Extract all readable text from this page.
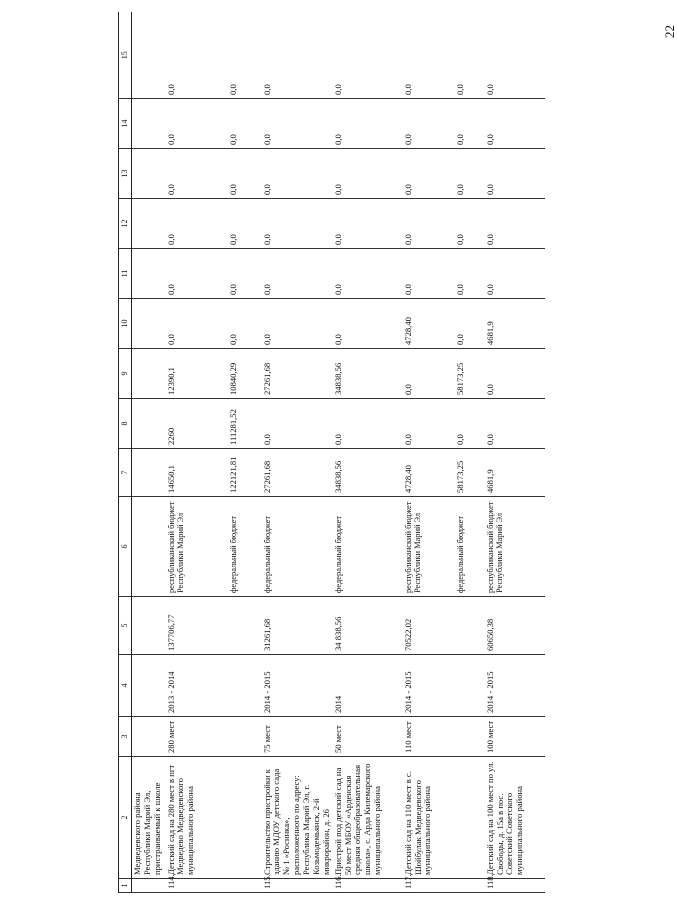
22
1	2	3	4	5	6	7	8	9	10	11	12	13	14	15
	Медведевского района Республики Марий Эл, пристраиваемый к школе													
114.	Детский сад на 280 мест в пгт Медведево Медведевского муниципального района	280 мест	2013 - 2014	137706,77	республиканский бюджет Республики Марий Эл	14650,1	2260	12390,1	0,0	0,0	0,0	0,0	0,0	0,0
					федеральный бюджет	122121,81	111281,52	10840,29	0,0	0,0	0,0	0,0	0,0	0,0
115.	Строительство пристройки к зданию МДОУ детского сада № 1 «Росинка», расположенного по адресу: Республика Марий Эл, г. Козьмодемьянск, 2-й микрорайон, д. 26	75 мест	2014 - 2015	31261,68	федеральный бюджет	27261,68	0,0	27261,68	0,0	0,0	0,0	0,0	0,0	0,0
116.	Пристрой под детский сад на 50 мест МБОУ «Арденская средняя общеобразовательная школа», с. Арда Килемарского муниципального района	50 мест	2014	34 838,56	федеральный бюджет	34838,56	0,0	34838,56	0,0	0,0	0,0	0,0	0,0	0,0
117.	Детский сад на 110 мест в с. Шойбулак Медведевского муниципального района	110 мест	2014 - 2015	70522,02	республиканский бюджет Республики Марий Эл	4728,40	0,0	0,0	4728,40	0,0	0,0	0,0	0,0	0,0
					федеральный бюджет	58173,25	0,0	58173,25	0,0	0,0	0,0	0,0	0,0	0,0
118.	Детский сад на 100 мест по ул. Свободы, д. 15а в пос. Советский Советского муниципального района	100 мест	2014 - 2015	60650,38	республиканский бюджет Республики Марий Эл	4681,9	0,0	0,0	4681,9	0,0	0,0	0,0	0,0	0,0
